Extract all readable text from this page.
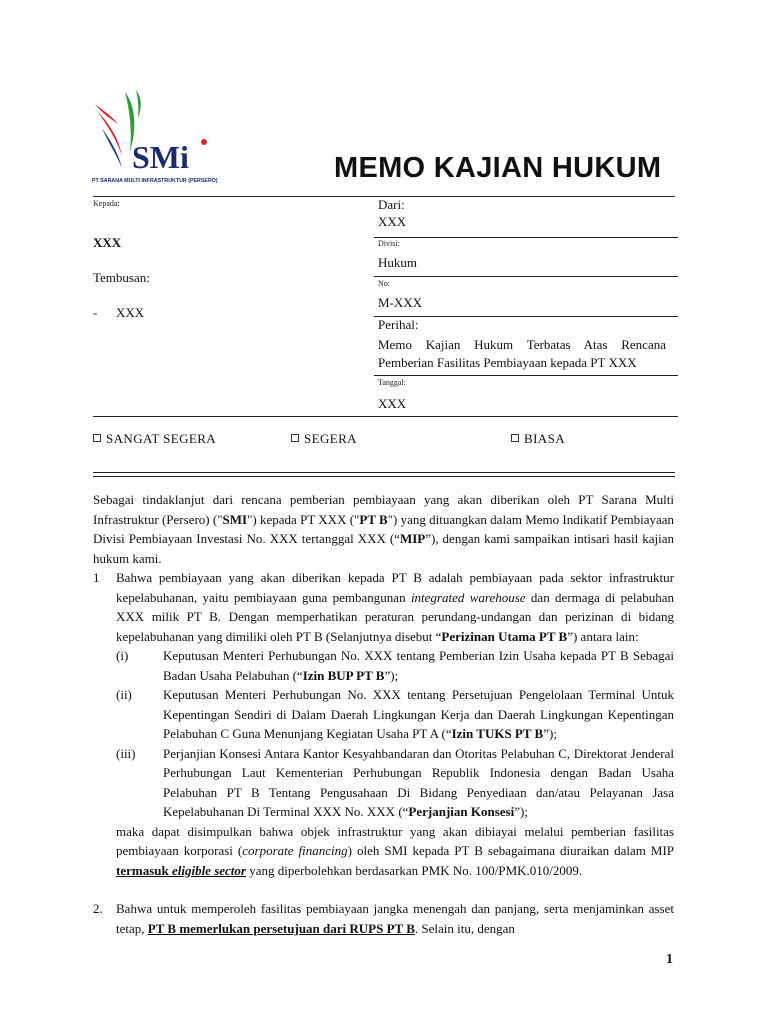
SMi
PT SARANA MULTI INFRASTRUKTUR (PERSERO)	MEMO KAJIAN HUKUM
Kepada:
XXX
Tembusan:
- XXX
Dari:
XXX
Divisi:
Hukum
No:
M-XXX
Perihal:
Memo Kajian Hukum Terbatas Atas Rencana Pemberian Fasilitas Pembiayaan kepada PT XXX
Tanggal:
XXX
SANGAT SEGERA	SEGERA	BIASA

Sebagai tindaklanjut dari rencana pemberian pembiayaan yang akan diberikan oleh PT Sarana Multi Infrastruktur (Persero) ("SMI") kepada PT XXX ("PT B") yang dituangkan dalam Memo Indikatif Pembiayaan Divisi Pembiayaan Investasi No. XXX tertanggal XXX (“MIP”), dengan kami sampaikan intisari hasil kajian hukum kami.

1 Bahwa pembiayaan yang akan diberikan kepada PT B adalah pembiayaan pada sektor infrastruktur kepelabuhanan, yaitu pembiayaan guna pembangunan integrated warehouse dan dermaga di pelabuhan XXX milik PT B. Dengan memperhatikan peraturan perundang-undangan dan perizinan di bidang kepelabuhanan yang dimiliki oleh PT B (Selanjutnya disebut “Perizinan Utama PT B”) antara lain:

(i)	Keputusan Menteri Perhubungan No. XXX tentang Pemberian Izin Usaha kepada PT B Sebagai Badan Usaha Pelabuhan (“Izin BUP PT B”);

(ii) Keputusan Menteri Perhubungan No. XXX tentang Persetujuan Pengelolaan Terminal Untuk Kepentingan Sendiri di Dalam Daerah Lingkungan Kerja dan Daerah Lingkungan Kepentingan Pelabuhan C Guna Menunjang Kegiatan Usaha PT A (“Izin TUKS PT B”);

(iii) Perjanjian Konsesi Antara Kantor Kesyahbandaran dan Otoritas Pelabuhan C, Direktorat Jenderal Perhubungan Laut Kementerian Perhubungan Republik Indonesia dengan Badan Usaha Pelabuhan PT B Tentang Pengusahaan Di Bidang Penyediaan dan/atau Pelayanan Jasa Kepelabuhanan Di Terminal XXX No. XXX (“Perjanjian Konsesi”);

maka dapat disimpulkan bahwa objek infrastruktur yang akan dibiayai melalui pemberian fasilitas pembiayaan korporasi (corporate financing) oleh SMI kepada PT B sebagaimana diuraikan dalam MIP termasuk eligible sector yang diperbolehkan berdasarkan PMK No. 100/PMK.010/2009.

2. Bahwa untuk memperoleh fasilitas pembiayaan jangka menengah dan panjang, serta menjaminkan asset tetap, PT B memerlukan persetujuan dari RUPS PT B. Selain itu, dengan

1
